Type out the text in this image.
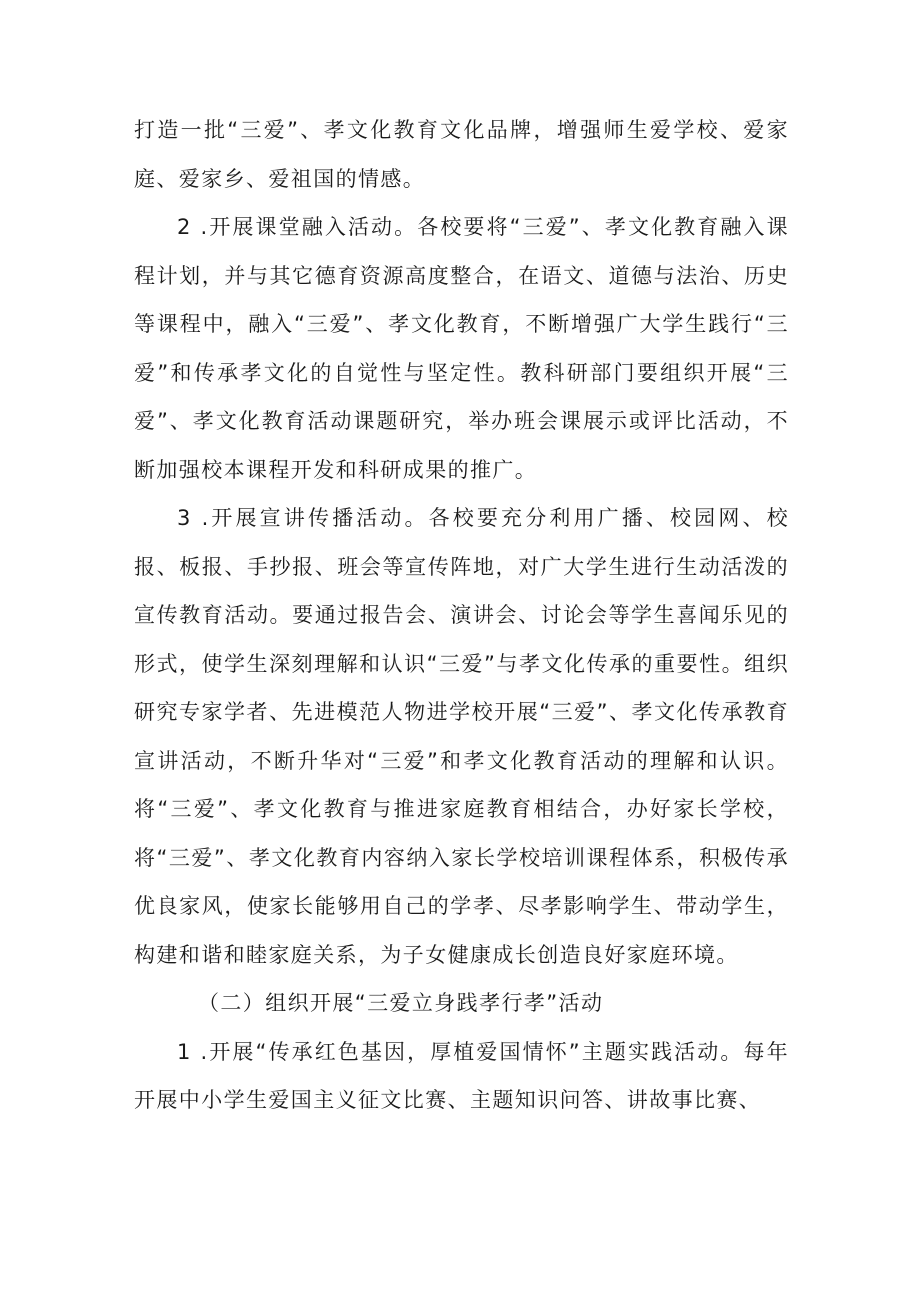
打造一批“三爱”、孝文化教育文化品牌，增强师生爱学校、爱家庭、爱家乡、爱祖国的情感。

2 .开展课堂融入活动。各校要将“三爱”、孝文化教育融入课程计划，并与其它德育资源高度整合，在语文、道德与法治、历史等课程中，融入“三爱”、孝文化教育，不断增强广大学生践行“三爱”和传承孝文化的自觉性与坚定性。教科研部门要组织开展“三爱”、孝文化教育活动课题研究，举办班会课展示或评比活动，不断加强校本课程开发和科研成果的推广。

3 .开展宣讲传播活动。各校要充分利用广播、校园网、校报、板报、手抄报、班会等宣传阵地，对广大学生进行生动活泼的宣传教育活动。要通过报告会、演讲会、讨论会等学生喜闻乐见的形式，使学生深刻理解和认识“三爱”与孝文化传承的重要性。组织研究专家学者、先进模范人物进学校开展“三爱”、孝文化传承教育宣讲活动，不断升华对“三爱”和孝文化教育活动的理解和认识。将“三爱”、孝文化教育与推进家庭教育相结合，办好家长学校，将“三爱”、孝文化教育内容纳入家长学校培训课程体系，积极传承优良家风，使家长能够用自己的学孝、尽孝影响学生、带动学生，构建和谐和睦家庭关系，为子女健康成长创造良好家庭环境。

（二）组织开展“三爱立身践孝行孝”活动

1 .开展“传承红色基因，厚植爱国情怀”主题实践活动。每年开展中小学生爱国主义征文比赛、主题知识问答、讲故事比赛、
